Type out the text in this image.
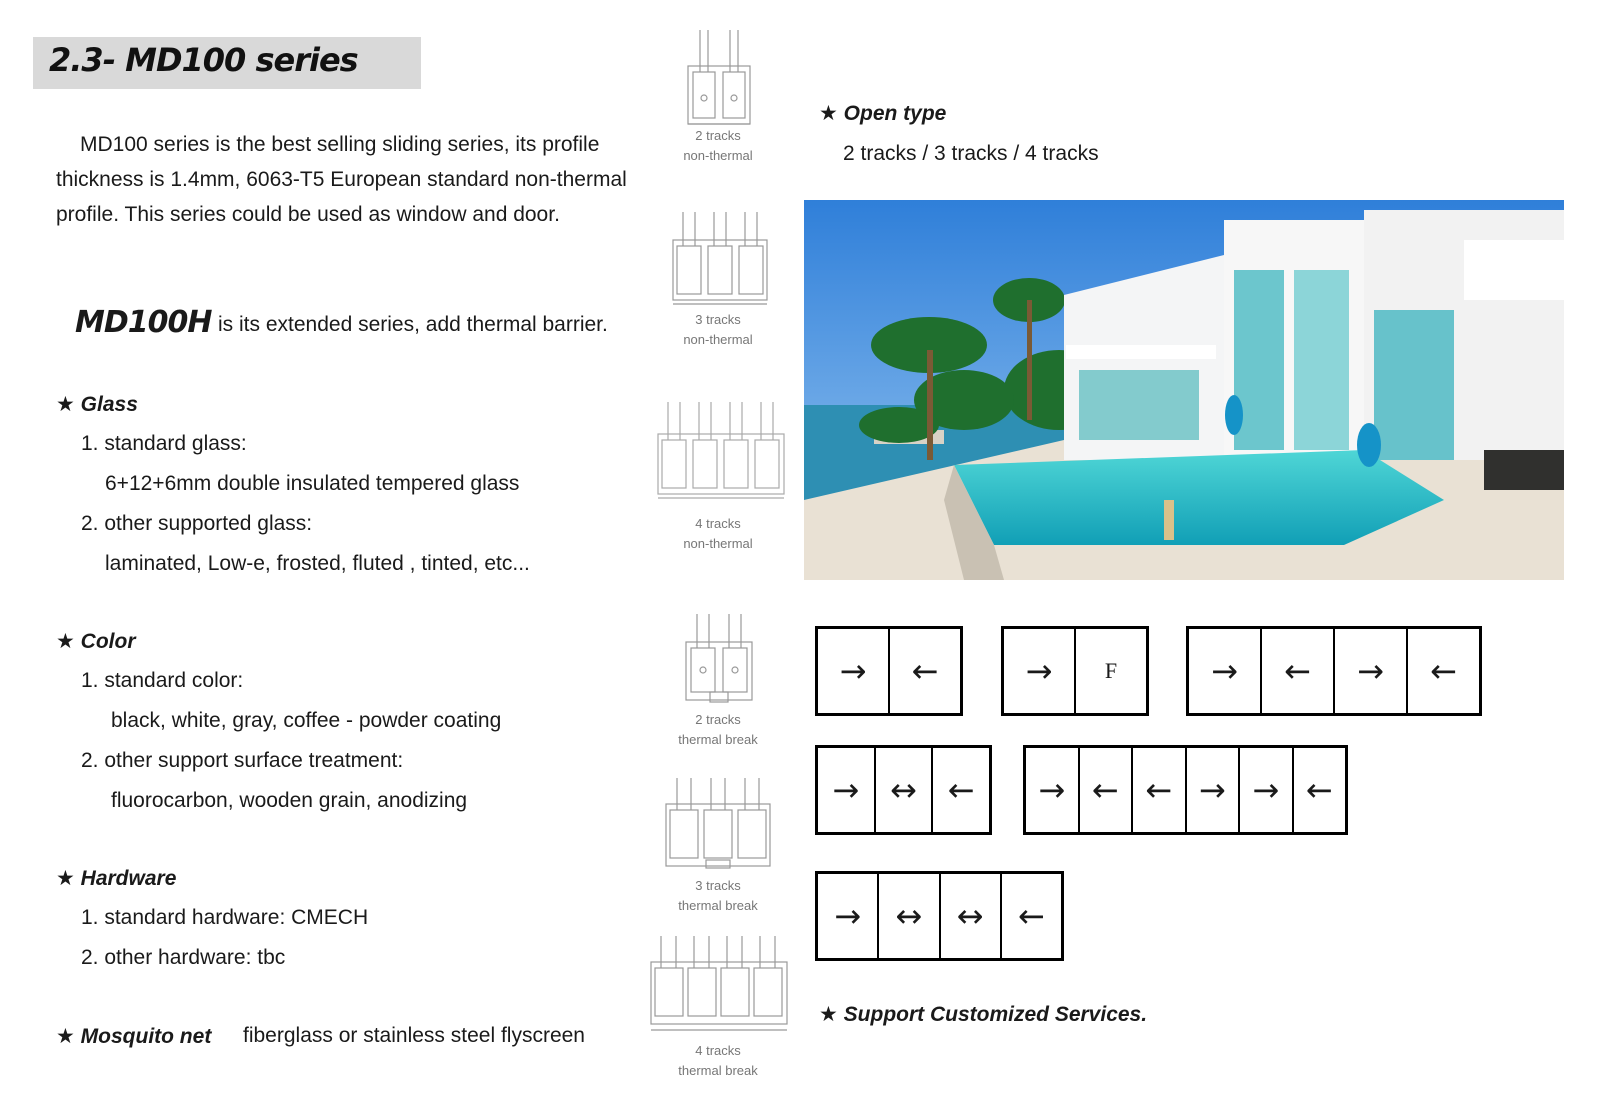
2.3- MD100 series
MD100 series is the best selling sliding series, its profile thickness is 1.4mm, 6063-T5 European standard non-thermal profile. This series could be used as window and door.
MD100H is its extended series, add thermal barrier.
★ Glass
1. standard glass:
6+12+6mm double insulated tempered glass
2. other supported glass:
laminated, Low-e, frosted, fluted , tinted, etc...
★ Color
1. standard color:
black, white, gray, coffee - powder coating
2. other support surface treatment:
fluorocarbon, wooden grain, anodizing
★ Hardware
1. standard hardware: CMECH
2. other hardware: tbc
★ Mosquito net fiberglass or stainless steel flyscreen
2 tracks
non-thermal
3 tracks
non-thermal
4 tracks
non-thermal
2 tracks
thermal break
3 tracks
thermal break
4 tracks
thermal break
★ Open type
2 tracks / 3 tracks / 4 tracks
→	←	→	F	→	←	→	←
→ ↔ ←	→ ← ← → → ←
→	↔	↔	←
★ Support Customized Services.
